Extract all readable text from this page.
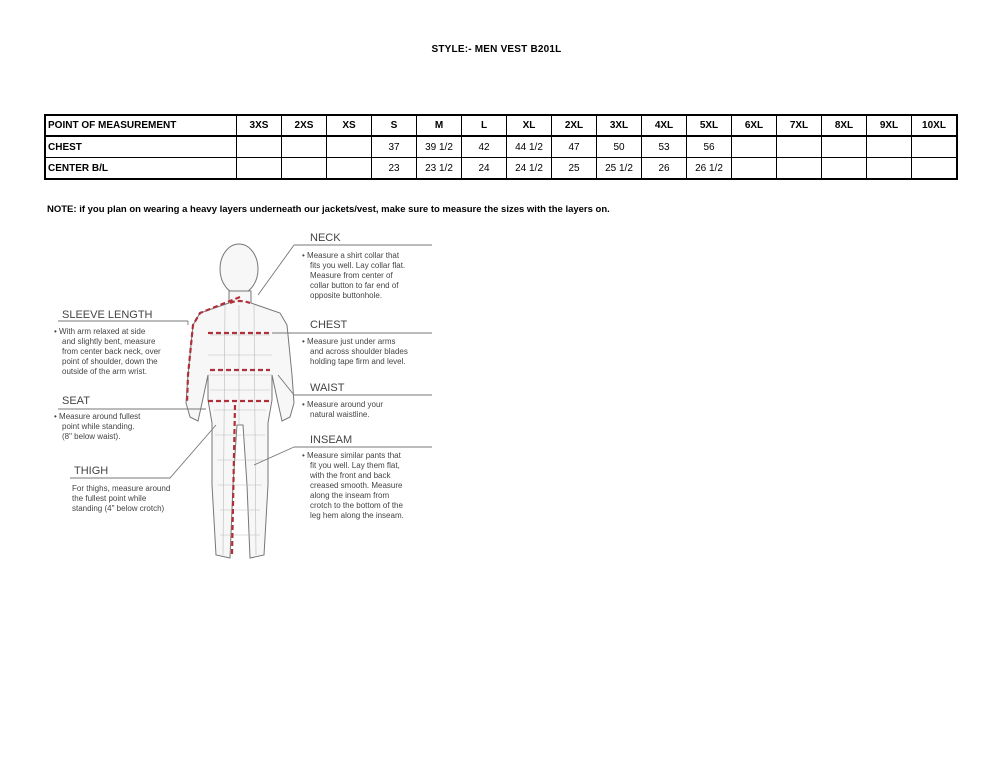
STYLE:- MEN VEST B201L
POINT OF MEASUREMENT	3XS	2XS	XS	S	M	L	XL	2XL	3XL	4XL	5XL	6XL	7XL	8XL	9XL	10XL
CHEST				37	39 1/2	42	44 1/2	47	50	53	56					
CENTER B/L				23	23 1/2	24	24 1/2	25	25 1/2	26	26 1/2					
NOTE: if you plan on wearing a heavy layers underneath our jackets/vest, make sure to measure the sizes with the layers on.
NECK
• Measure a shirt collar that
fits you well. Lay collar flat.
Measure from center of
collar button to far end of
opposite buttonhole.
CHEST
• Measure just under arms
and across shoulder blades
holding tape firm and level.
WAIST
• Measure around your
natural waistline.
INSEAM
• Measure similar pants that
fit you well. Lay them flat,
with the front and back
creased smooth. Measure
along the inseam from
crotch to the bottom of the
leg hem along the inseam.
SLEEVE LENGTH
• With arm relaxed at side
and slightly bent, measure
from center back neck, over
point of shoulder, down the
outside of the arm wrist.
SEAT
• Measure around fullest
point while standing.
(8" below waist).
THIGH
For thighs, measure around
the fullest point while
standing (4" below crotch)
